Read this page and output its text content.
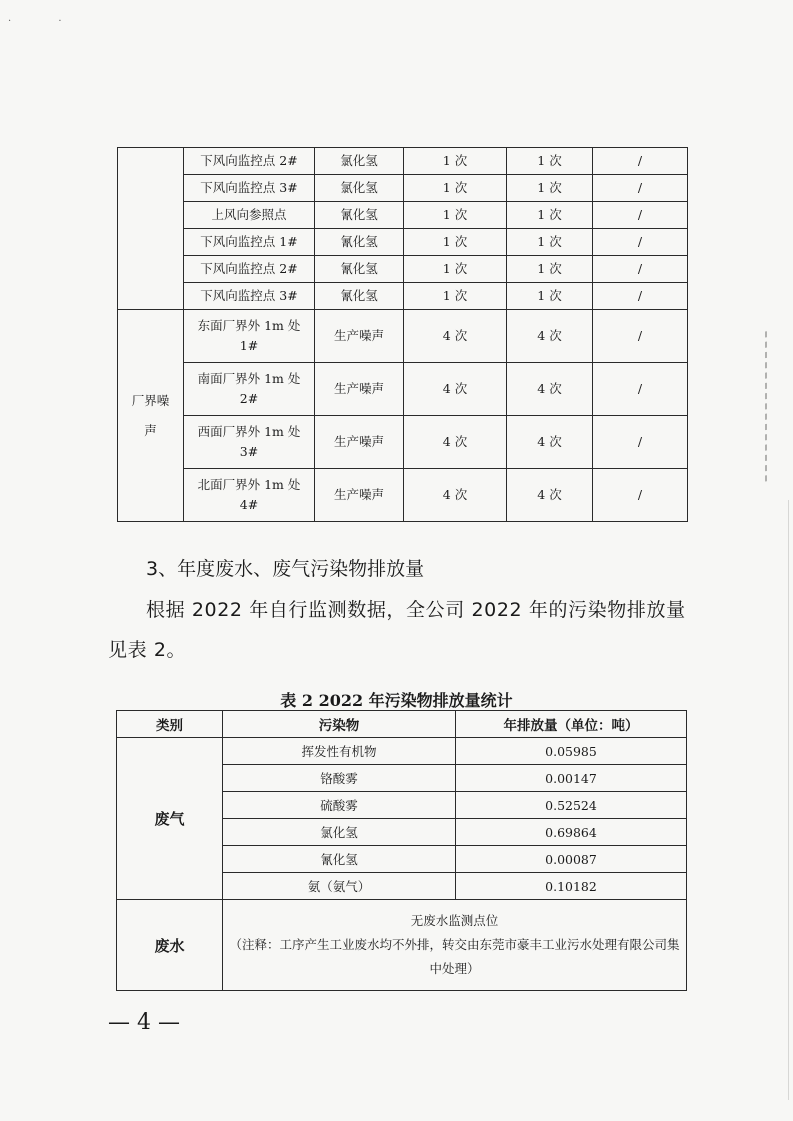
· ·
	下风向监控点 2#	氯化氢	1 次	1 次	/
	下风向监控点 3#	氯化氢	1 次	1 次	/
	上风向参照点	氰化氢	1 次	1 次	/
	下风向监控点 1#	氰化氢	1 次	1 次	/
	下风向监控点 2#	氰化氢	1 次	1 次	/
	下风向监控点 3#	氰化氢	1 次	1 次	/
厂界噪声	东面厂界外 1m 处 1#	生产噪声	4 次	4 次	/
	南面厂界外 1m 处 2#	生产噪声	4 次	4 次	/
	西面厂界外 1m 处 3#	生产噪声	4 次	4 次	/
	北面厂界外 1m 处 4#	生产噪声	4 次	4 次	/
3、年度废水、废气污染物排放量

根据 2022 年自行监测数据，全公司 2022 年的污染物排放量见表 2。

表 2 2022 年污染物排放量统计
类别	污染物	年排放量（单位：吨）
废气	挥发性有机物	0.05985
	铬酸雾	0.00147
	硫酸雾	0.52524
	氯化氢	0.69864
	氰化氢	0.00087
	氨（氨气）	0.10182
废水	无废水监测点位
（注释：工序产生工业废水均不外排，转交由东莞市豪丰工业污水处理有限公司集中处理）	
— 4 —
